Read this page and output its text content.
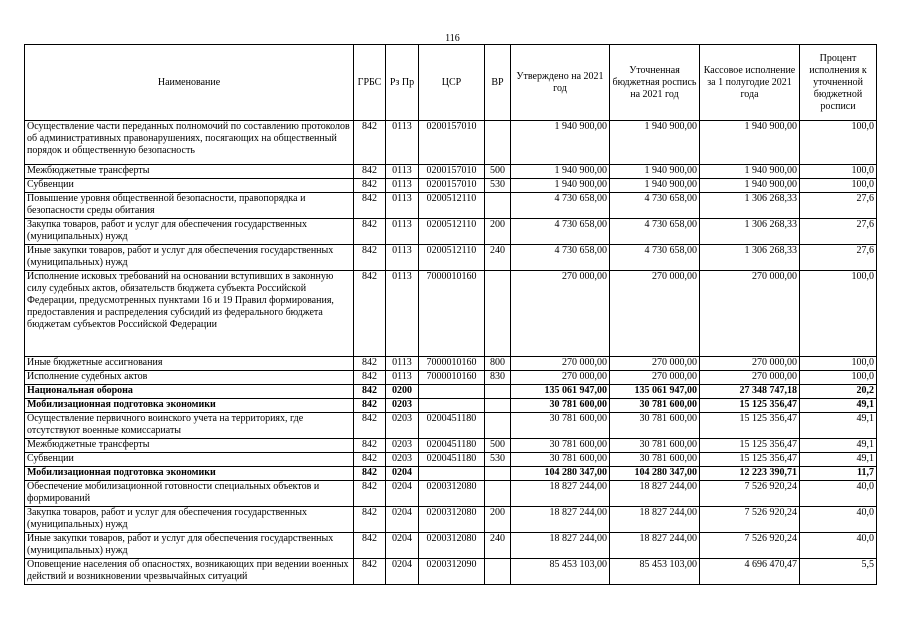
116
Наименование	ГРБС	Рз Пр	ЦСР	ВР	Утверждено на 2021 год	Уточненная бюджетная роспись на 2021 год	Кассовое исполнение за 1 полугодие 2021 года	Процент исполнения к уточненной бюджетной росписи
Осуществление части переданных полномочий по составлению протоколов об административных правонарушениях, посягающих на общественный порядок и общественную безопасность	842	0113	0200157010		1 940 900,00	1 940 900,00	1 940 900,00	100,0
Межбюджетные трансферты	842	0113	0200157010	500	1 940 900,00	1 940 900,00	1 940 900,00	100,0
Субвенции	842	0113	0200157010	530	1 940 900,00	1 940 900,00	1 940 900,00	100,0
Повышение уровня общественной безопасности, правопорядка и безопасности среды обитания	842	0113	0200512110		4 730 658,00	4 730 658,00	1 306 268,33	27,6
Закупка товаров, работ и услуг для обеспечения государственных (муниципальных) нужд	842	0113	0200512110	200	4 730 658,00	4 730 658,00	1 306 268,33	27,6
Иные закупки товаров, работ и услуг для обеспечения государственных (муниципальных) нужд	842	0113	0200512110	240	4 730 658,00	4 730 658,00	1 306 268,33	27,6
Исполнение исковых требований на основании вступивших в законную силу судебных актов, обязательств бюджета субъекта Российской Федерации, предусмотренных пунктами 16 и 19 Правил формирования, предоставления и распределения субсидий из федерального бюджета бюджетам субъектов Российской Федерации	842	0113	7000010160		270 000,00	270 000,00	270 000,00	100,0
Иные бюджетные ассигнования	842	0113	7000010160	800	270 000,00	270 000,00	270 000,00	100,0
Исполнение судебных актов	842	0113	7000010160	830	270 000,00	270 000,00	270 000,00	100,0
Национальная оборона	842	0200			135 061 947,00	135 061 947,00	27 348 747,18	20,2
Мобилизационная подготовка экономики	842	0203			30 781 600,00	30 781 600,00	15 125 356,47	49,1
Осуществление первичного воинского учета на территориях, где отсутствуют военные комиссариаты	842	0203	0200451180		30 781 600,00	30 781 600,00	15 125 356,47	49,1
Межбюджетные трансферты	842	0203	0200451180	500	30 781 600,00	30 781 600,00	15 125 356,47	49,1
Субвенции	842	0203	0200451180	530	30 781 600,00	30 781 600,00	15 125 356,47	49,1
Мобилизационная подготовка экономики	842	0204			104 280 347,00	104 280 347,00	12 223 390,71	11,7
Обеспечение мобилизационной готовности специальных объектов и формирований	842	0204	0200312080		18 827 244,00	18 827 244,00	7 526 920,24	40,0
Закупка товаров, работ и услуг для обеспечения государственных (муниципальных) нужд	842	0204	0200312080	200	18 827 244,00	18 827 244,00	7 526 920,24	40,0
Иные закупки товаров, работ и услуг для обеспечения государственных (муниципальных) нужд	842	0204	0200312080	240	18 827 244,00	18 827 244,00	7 526 920,24	40,0
Оповещение населения об опасностях, возникающих при ведении военных действий и возникновении чрезвычайных ситуаций	842	0204	0200312090		85 453 103,00	85 453 103,00	4 696 470,47	5,5
